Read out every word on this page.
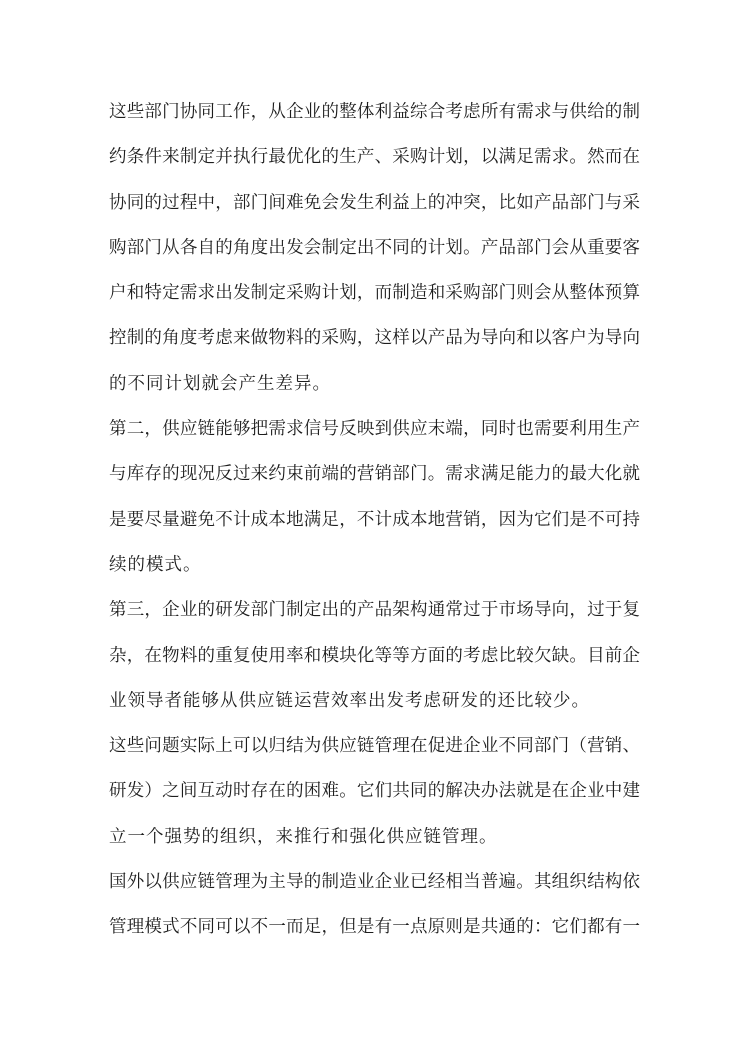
这些部门协同工作，从企业的整体利益综合考虑所有需求与供给的制
约条件来制定并执行最优化的生产、采购计划，以满足需求。然而在
协同的过程中，部门间难免会发生利益上的冲突，比如产品部门与采
购部门从各自的角度出发会制定出不同的计划。产品部门会从重要客
户和特定需求出发制定采购计划，而制造和采购部门则会从整体预算
控制的角度考虑来做物料的采购，这样以产品为导向和以客户为导向
的不同计划就会产生差异。
第二，供应链能够把需求信号反映到供应末端，同时也需要利用生产
与库存的现况反过来约束前端的营销部门。需求满足能力的最大化就
是要尽量避免不计成本地满足，不计成本地营销，因为它们是不可持
续的模式。
第三，企业的研发部门制定出的产品架构通常过于市场导向，过于复
杂，在物料的重复使用率和模块化等等方面的考虑比较欠缺。目前企
业领导者能够从供应链运营效率出发考虑研发的还比较少。
这些问题实际上可以归结为供应链管理在促进企业不同部门（营销、
研发）之间互动时存在的困难。它们共同的解决办法就是在企业中建
立一个强势的组织，来推行和强化供应链管理。
国外以供应链管理为主导的制造业企业已经相当普遍。其组织结构依
管理模式不同可以不一而足，但是有一点原则是共通的：它们都有一
